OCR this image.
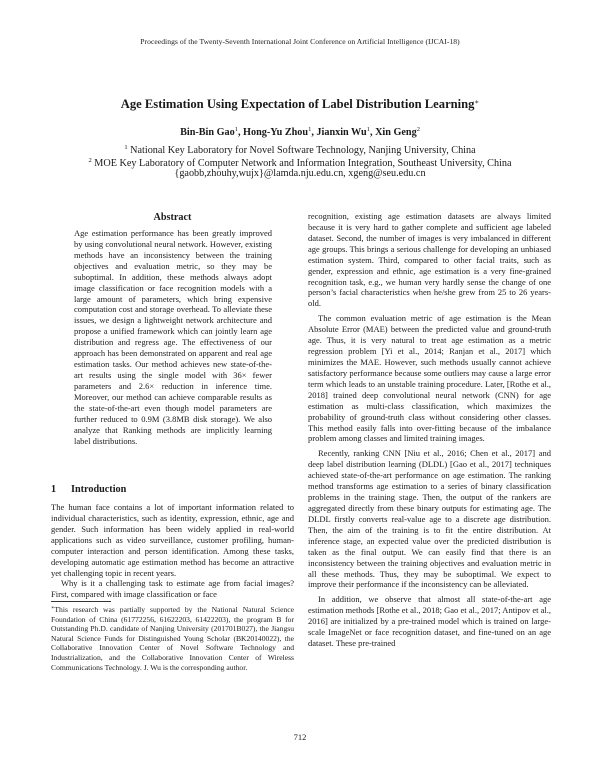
Proceedings of the Twenty-Seventh International Joint Conference on Artificial Intelligence (IJCAI-18)
Age Estimation Using Expectation of Label Distribution Learning∗
Bin-Bin Gao$^1$, Hong-Yu Zhou$^1$, Jianxin Wu$^1$, Xin Geng$^2$
$^1$ National Key Laboratory for Novel Software Technology, Nanjing University, China
$^2$ MOE Key Laboratory of Computer Network and Information Integration, Southeast University, China
{gaobb,zhouhy,wujx}@lamda.nju.edu.cn, xgeng@seu.edu.cn
Abstract
Age estimation performance has been greatly improved by using convolutional neural network. However, existing methods have an inconsistency between the training objectives and evaluation metric, so they may be suboptimal. In addition, these methods always adopt image classification or face recognition models with a large amount of parameters, which bring expensive computation cost and storage overhead. To alleviate these issues, we design a lightweight network architecture and propose a unified framework which can jointly learn age distribution and regress age. The effectiveness of our approach has been demonstrated on apparent and real age estimation tasks. Our method achieves new state-of-the-art results using the single model with 36× fewer parameters and 2.6× reduction in inference time. Moreover, our method can achieve comparable results as the state-of-the-art even though model parameters are further reduced to 0.9M (3.8MB disk storage). We also analyze that Ranking methods are implicitly learning label distributions.
1 Introduction

The human face contains a lot of important information related to individual characteristics, such as identity, expression, ethnic, age and gender. Such information has been widely applied in real-world applications such as video surveillance, customer profiling, human-computer interaction and person identification. Among these tasks, developing automatic age estimation method has become an attractive yet challenging topic in recent years.

Why is it a challenging task to estimate age from facial images? First, compared with image classification or face

∗This research was partially supported by the National Natural Science Foundation of China (61772256, 61622203, 61422203), the program B for Outstanding Ph.D. candidate of Nanjing University (201701B027), the Jiangsu Natural Science Funds for Distinguished Young Scholar (BK20140022), the Collaborative Innovation Center of Novel Software Technology and Industrialization, and the Collaborative Innovation Center of Wireless Communications Technology. J. Wu is the corresponding author.

recognition, existing age estimation datasets are always limited because it is very hard to gather complete and sufficient age labeled dataset. Second, the number of images is very imbalanced in different age groups. This brings a serious challenge for developing an unbiased estimation system. Third, compared to other facial traits, such as gender, expression and ethnic, age estimation is a very fine-grained recognition task, e.g., we human very hardly sense the change of one person’s facial characteristics when he/she grew from 25 to 26 years-old.

The common evaluation metric of age estimation is the Mean Absolute Error (MAE) between the predicted value and ground-truth age. Thus, it is very natural to treat age estimation as a metric regression problem [Yi et al., 2014; Ranjan et al., 2017] which minimizes the MAE. However, such methods usually cannot achieve satisfactory performance because some outliers may cause a large error term which leads to an unstable training procedure. Later, [Rothe et al., 2018] trained deep convolutional neural network (CNN) for age estimation as multi-class classification, which maximizes the probability of ground-truth class without considering other classes. This method easily falls into over-fitting because of the imbalance problem among classes and limited training images.

Recently, ranking CNN [Niu et al., 2016; Chen et al., 2017] and deep label distribution learning (DLDL) [Gao et al., 2017] techniques achieved state-of-the-art performance on age estimation. The ranking method transforms age estimation to a series of binary classification problems in the training stage. Then, the output of the rankers are aggregated directly from these binary outputs for estimating age. The DLDL firstly converts real-value age to a discrete age distribution. Then, the aim of the training is to fit the entire distribution. At inference stage, an expected value over the predicted distribution is taken as the final output. We can easily find that there is an inconsistency between the training objectives and evaluation metric in all these methods. Thus, they may be suboptimal. We expect to improve their performance if the inconsistency can be alleviated.

In addition, we observe that almost all state-of-the-art age estimation methods [Rothe et al., 2018; Gao et al., 2017; Antipov et al., 2016] are initialized by a pre-trained model which is trained on large-scale ImageNet or face recognition dataset, and fine-tuned on an age dataset. These pre-trained

712
